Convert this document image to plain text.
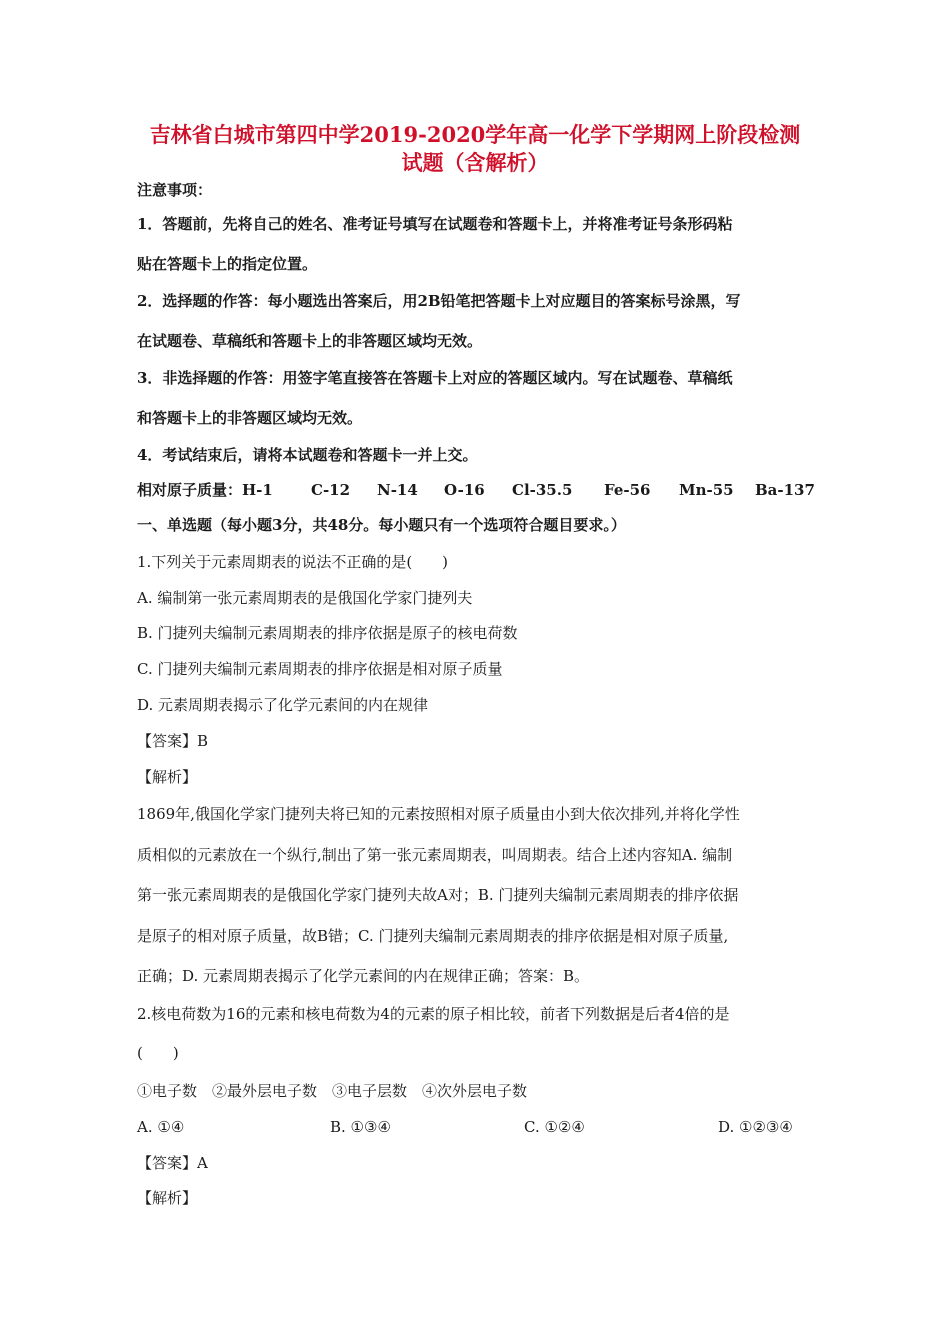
吉林省白城市第四中学2019-2020学年高一化学下学期网上阶段检测
试题（含解析）

注意事项：

1．答题前，先将自己的姓名、准考证号填写在试题卷和答题卡上，并将准考证号条形码粘

贴在答题卡上的指定位置。

2．选择题的作答：每小题选出答案后，用2B铅笔把答题卡上对应题目的答案标号涂黑，写

在试题卷、草稿纸和答题卡上的非答题区域均无效。

3．非选择题的作答：用签字笔直接答在答题卡上对应的答题区域内。写在试题卷、草稿纸

和答题卡上的非答题区域均无效。

4．考试结束后，请将本试题卷和答题卡一并上交。

相对原子质量：H-1	C-12 N-14 O-16 Cl-35.5 Fe-56 Mn-55 Ba-137

一、单选题（每小题3分，共48分。每小题只有一个选项符合题目要求。）

1.下列关于元素周期表的说法不正确的是(　　)

A. 编制第一张元素周期表的是俄国化学家门捷列夫

B. 门捷列夫编制元素周期表的排序依据是原子的核电荷数

C. 门捷列夫编制元素周期表的排序依据是相对原子质量

D. 元素周期表揭示了化学元素间的内在规律

【答案】B

【解析】

1869年,俄国化学家门捷列夫将已知的元素按照相对原子质量由小到大依次排列,并将化学性

质相似的元素放在一个纵行,制出了第一张元素周期表，叫周期表。结合上述内容知A. 编制

第一张元素周期表的是俄国化学家门捷列夫故A对；B. 门捷列夫编制元素周期表的排序依据

是原子的相对原子质量，故B错；C. 门捷列夫编制元素周期表的排序依据是相对原子质量,

正确；D. 元素周期表揭示了化学元素间的内在规律正确；答案：B。

2.核电荷数为16的元素和核电荷数为4的元素的原子相比较，前者下列数据是后者4倍的是

(　　)

①电子数　②最外层电子数　③电子层数　④次外层电子数

A. ①④	B. ①③④	C. ①②④	D. ①②③④

【答案】A

【解析】
